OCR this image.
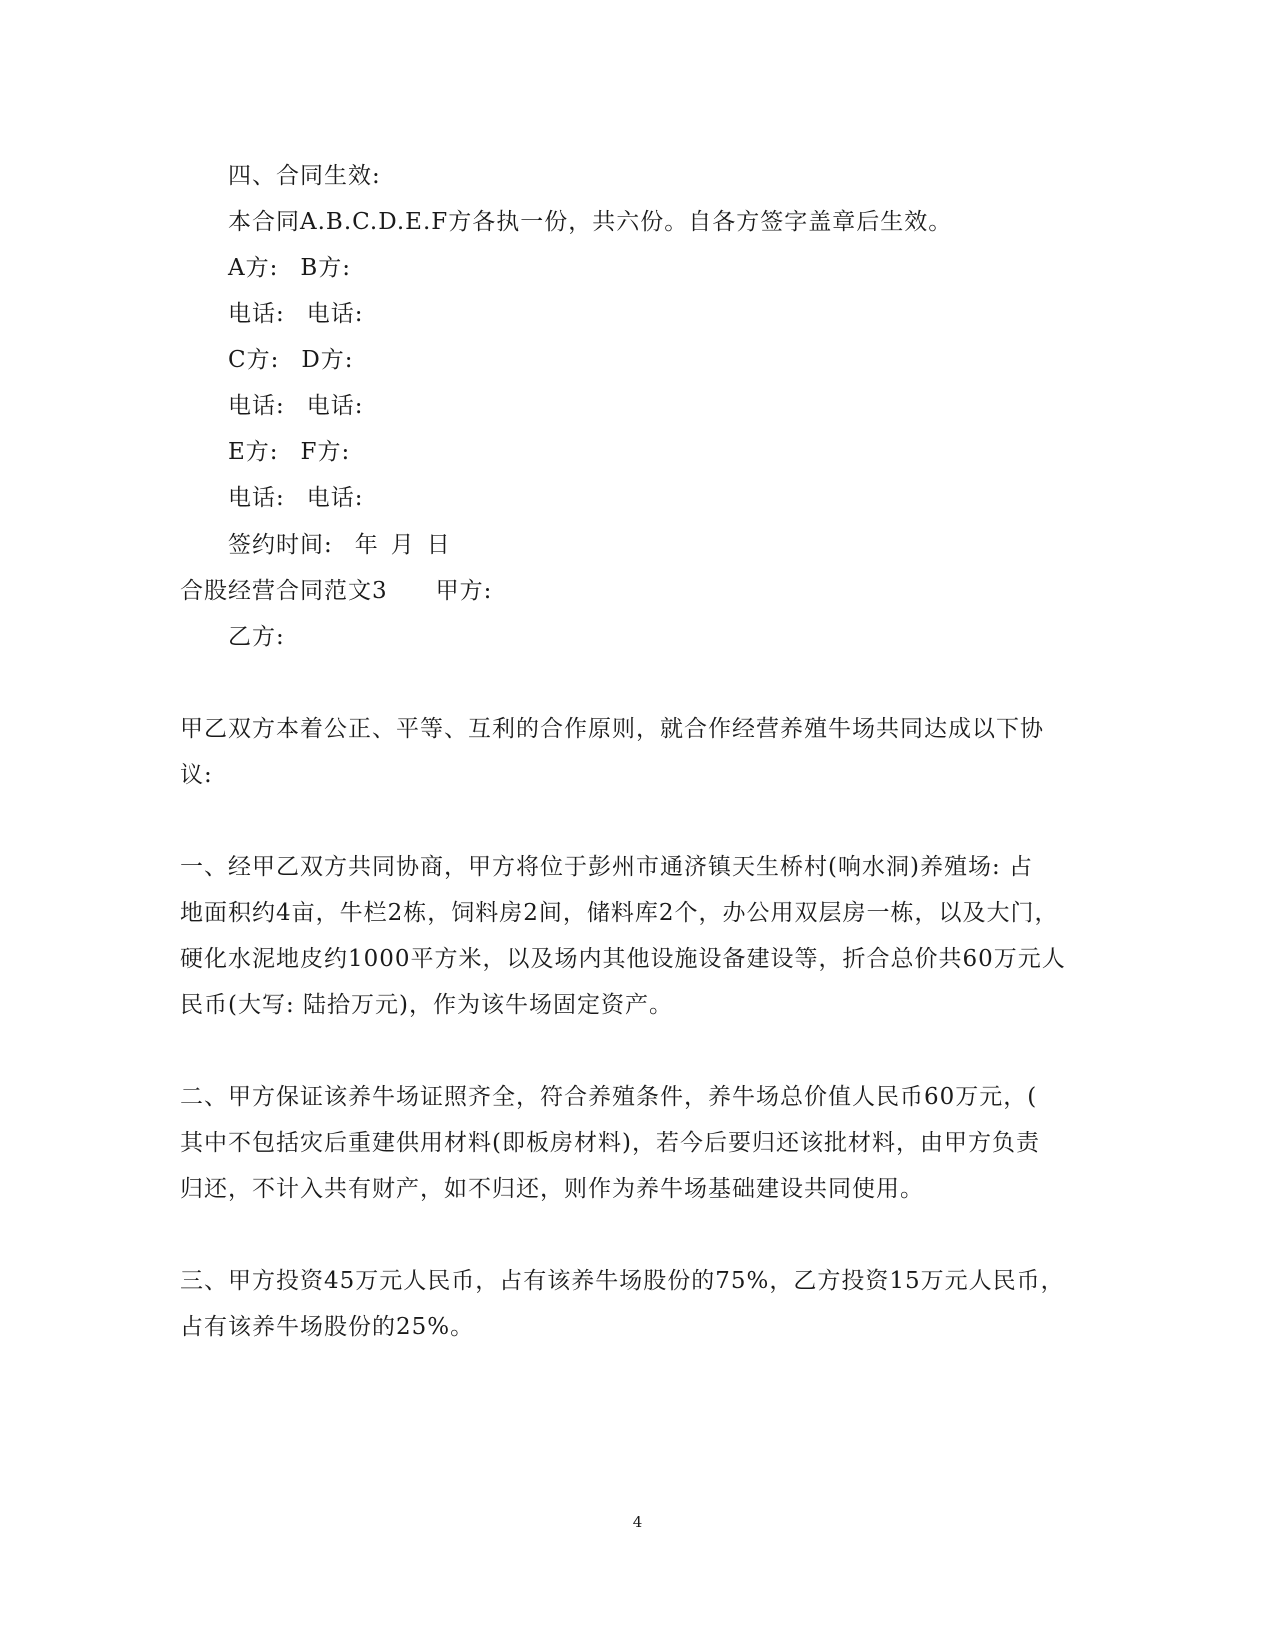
四、合同生效:
本合同A.B.C.D.E.F方各执一份，共六份。自各方签字盖章后生效。
A方: B方:
电话: 电话:
C方: D方:
电话: 电话:
E方: F方:
电话: 电话:
签约时间: 年 月 日
合股经营合同范文3 甲方:
乙方:
甲乙双方本着公正、平等、互利的合作原则，就合作经营养殖牛场共同达成以下协
议:
一、经甲乙双方共同协商，甲方将位于彭州市通济镇天生桥村(响水洞)养殖场: 占
地面积约4亩，牛栏2栋，饲料房2间，储料库2个，办公用双层房一栋，以及大门，
硬化水泥地皮约1000平方米，以及场内其他设施设备建设等，折合总价共60万元人
民币(大写: 陆拾万元)，作为该牛场固定资产。
二、甲方保证该养牛场证照齐全，符合养殖条件，养牛场总价值人民币60万元，(
其中不包括灾后重建供用材料(即板房材料)，若今后要归还该批材料，由甲方负责
归还，不计入共有财产，如不归还，则作为养牛场基础建设共同使用。
三、甲方投资45万元人民币，占有该养牛场股份的75%，乙方投资15万元人民币，
占有该养牛场股份的25%。
4
